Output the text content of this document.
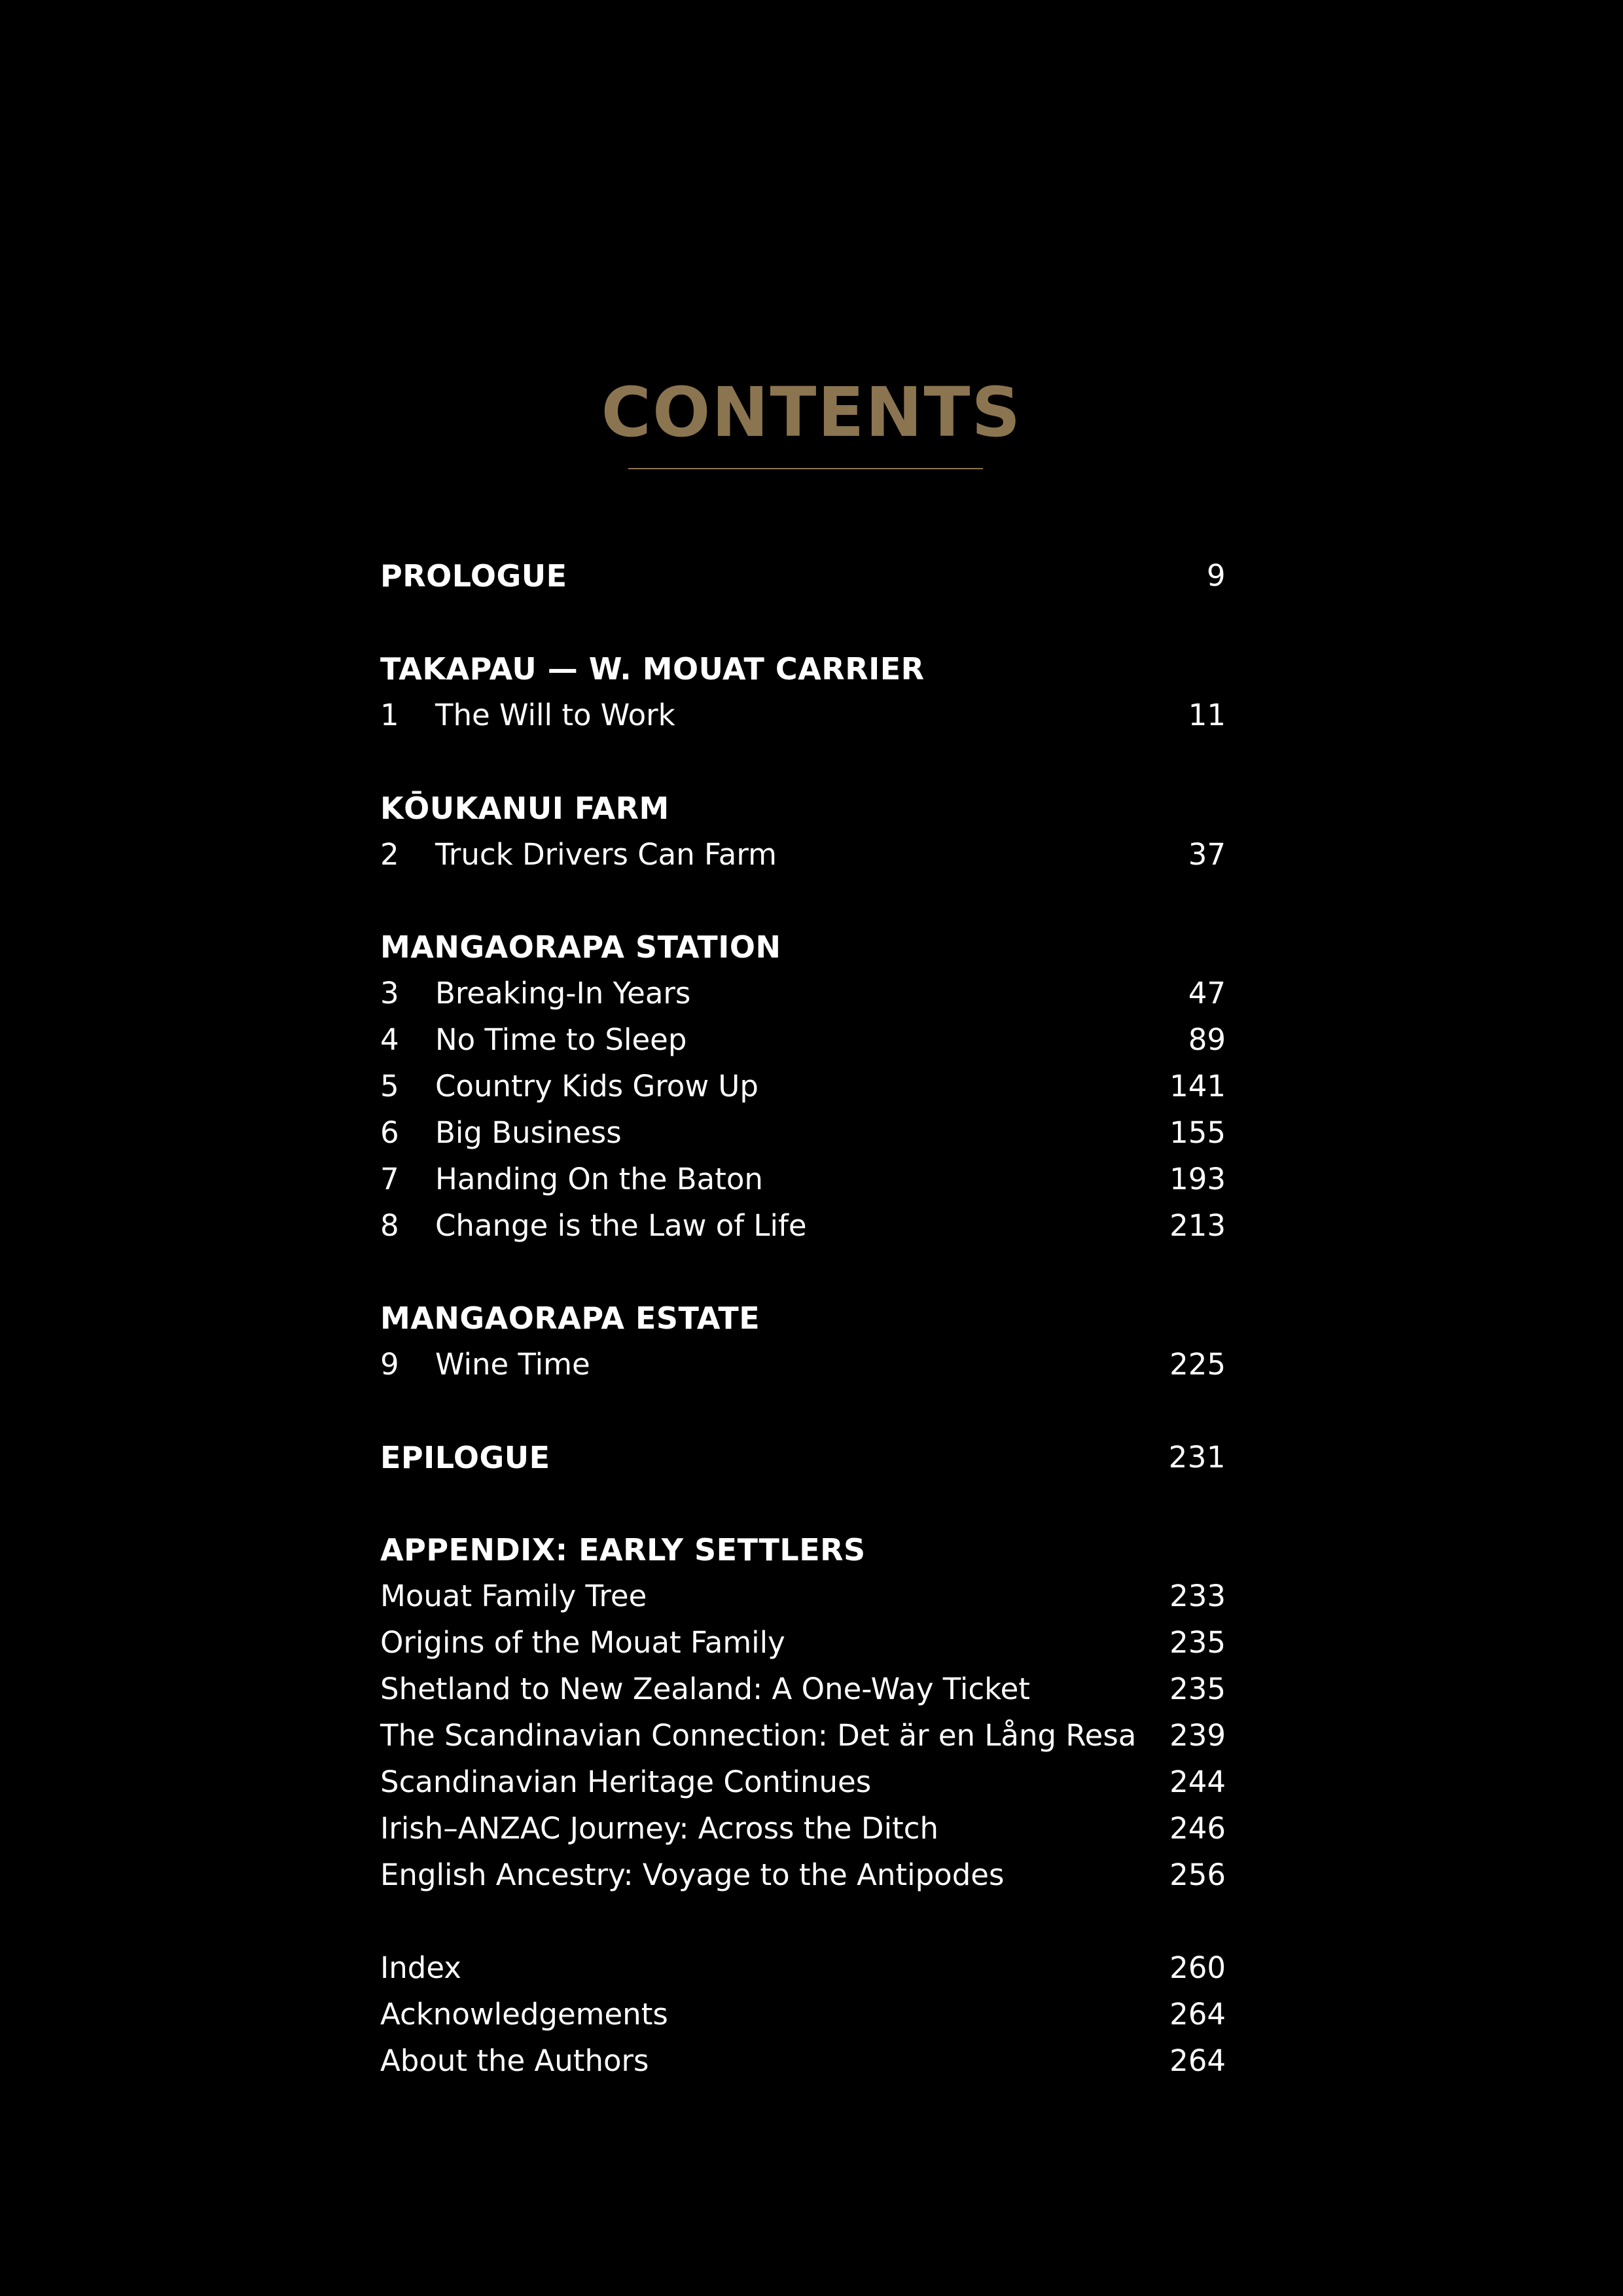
CONTENTS
PROLOGUE	9
TAKAPAU — W. MOUAT CARRIER
1 The Will to Work	11
KŌUKANUI FARM
2 Truck Drivers Can Farm	37
MANGAORAPA STATION
3 Breaking-In Years	47
4 No Time to Sleep	89
5 Country Kids Grow Up	141
6 Big Business	155
7 Handing On the Baton	193
8 Change is the Law of Life	213
MANGAORAPA ESTATE
9 Wine Time	225
EPILOGUE	231
APPENDIX: EARLY SETTLERS
Mouat Family Tree	233
Origins of the Mouat Family	235
Shetland to New Zealand: A One-Way Ticket	235
The Scandinavian Connection: Det är en Lång Resa 239
Scandinavian Heritage Continues	244
Irish–ANZAC Journey: Across the Ditch	246
English Ancestry: Voyage to the Antipodes	256
Index	260
Acknowledgements	264
About the Authors	264
